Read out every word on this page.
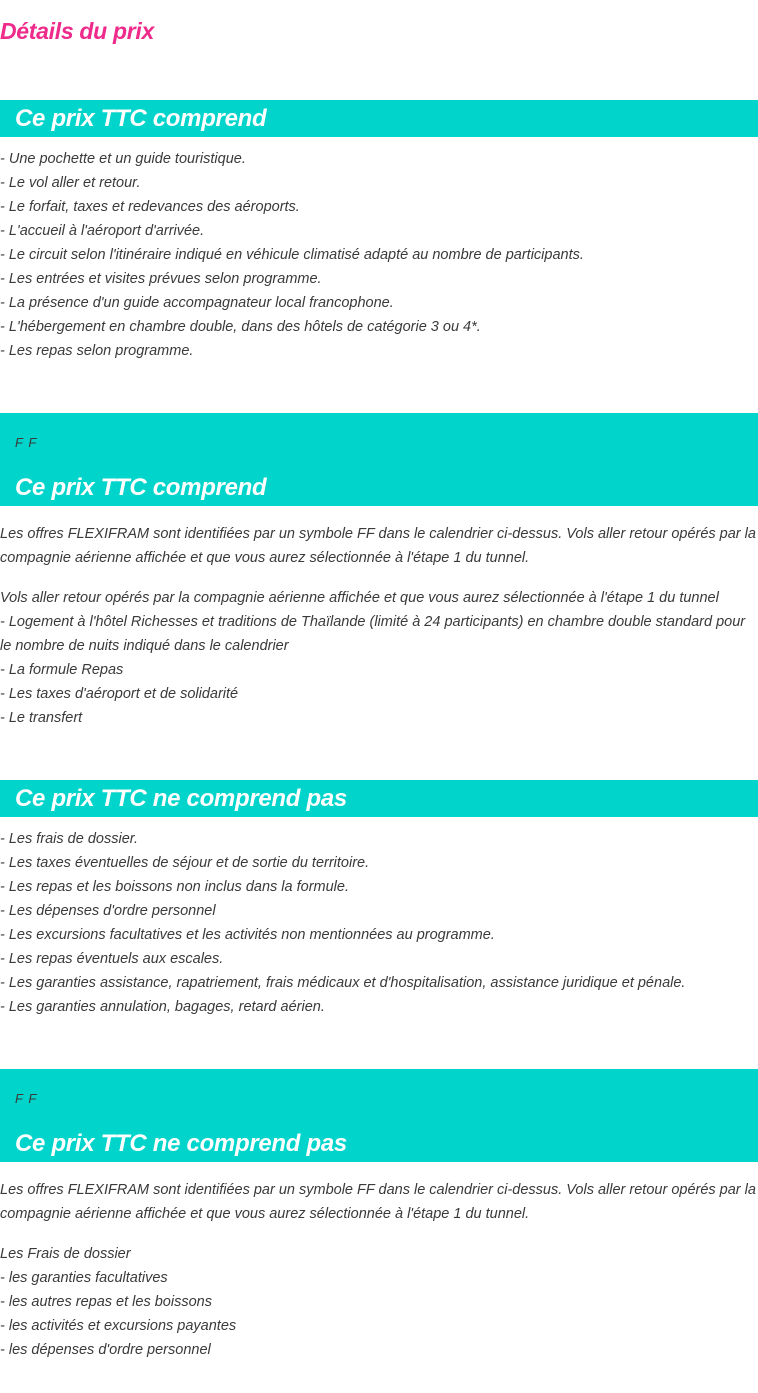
Détails du prix
Ce prix TTC comprend
- Une pochette et un guide touristique.
- Le vol aller et retour.
- Le forfait, taxes et redevances des aéroports.
- L'accueil à l'aéroport d'arrivée.
- Le circuit selon l'itinéraire indiqué en véhicule climatisé adapté au nombre de participants.
- Les entrées et visites prévues selon programme.
- La présence d'un guide accompagnateur local francophone.
- L'hébergement en chambre double, dans des hôtels de catégorie 3 ou 4*.
- Les repas selon programme.
F F
Ce prix TTC comprend

Les offres FLEXIFRAM sont identifiées par un symbole FF dans le calendrier ci-dessus. Vols aller retour opérés par la compagnie aérienne affichée et que vous aurez sélectionnée à l'étape 1 du tunnel.

Vols aller retour opérés par la compagnie aérienne affichée et que vous aurez sélectionnée à l'étape 1 du tunnel
- Logement à l'hôtel Richesses et traditions de Thaïlande (limité à 24 participants) en chambre double standard pour le nombre de nuits indiqué dans le calendrier
- La formule Repas
- Les taxes d'aéroport et de solidarité
- Le transfert
Ce prix TTC ne comprend pas
- Les frais de dossier.
- Les taxes éventuelles de séjour et de sortie du territoire.
- Les repas et les boissons non inclus dans la formule.
- Les dépenses d'ordre personnel
- Les excursions facultatives et les activités non mentionnées au programme.
- Les repas éventuels aux escales.
- Les garanties assistance, rapatriement, frais médicaux et d'hospitalisation, assistance juridique et pénale.
- Les garanties annulation, bagages, retard aérien.
F F
Ce prix TTC ne comprend pas

Les offres FLEXIFRAM sont identifiées par un symbole FF dans le calendrier ci-dessus. Vols aller retour opérés par la compagnie aérienne affichée et que vous aurez sélectionnée à l'étape 1 du tunnel.

Les Frais de dossier
- les garanties facultatives
- les autres repas et les boissons
- les activités et excursions payantes
- les dépenses d'ordre personnel
